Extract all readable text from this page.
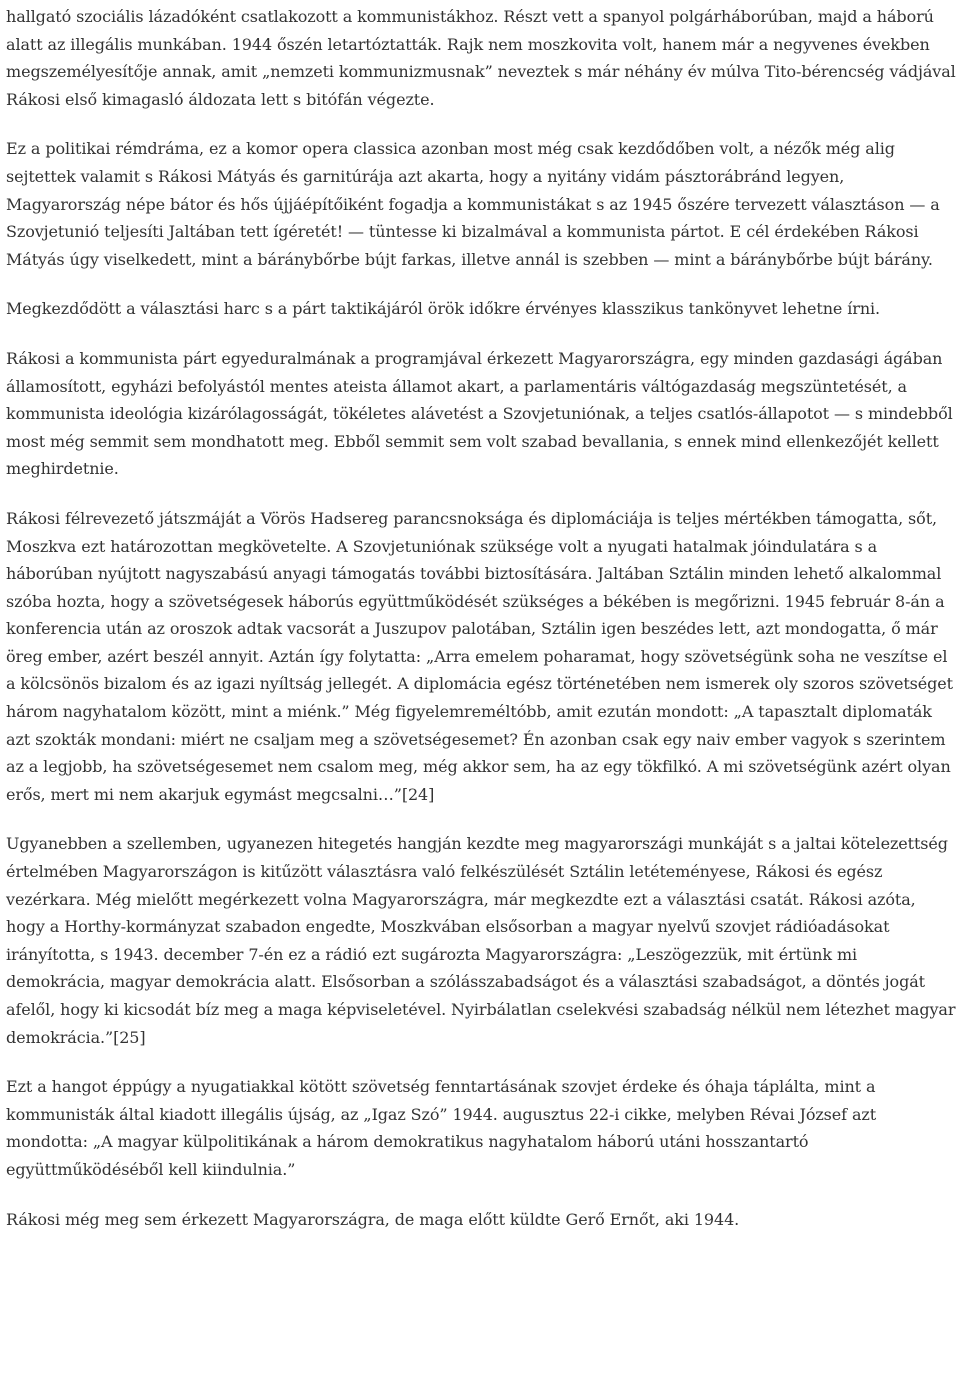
hallgató szociális lázadóként csatlakozott a kommunistákhoz. Részt vett a spanyol polgárháborúban, majd a háború alatt az illegális munkában. 1944 őszén letartóztatták. Rajk nem moszkovita volt, hanem már a negyvenes években megszemélyesítője annak, amit „nemzeti kommunizmusnak” neveztek s már néhány év múlva Tito-bérencség vádjával Rákosi első kimagasló áldozata lett s bitófán végezte.

Ez a politikai rémdráma, ez a komor opera classica azonban most még csak kezdődőben volt, a nézők még alig sejtettek valamit s Rákosi Mátyás és garnitúrája azt akarta, hogy a nyitány vidám pásztorábránd legyen, Magyarország népe bátor és hős újjáépítőiként fogadja a kommunistákat s az 1945 őszére tervezett választáson — a Szovjetunió teljesíti Jaltában tett ígéretét! — tüntesse ki bizalmával a kommunista pártot. E cél érdekében Rákosi Mátyás úgy viselkedett, mint a báránybőrbe bújt farkas, illetve annál is szebben — mint a báránybőrbe bújt bárány.

Megkezdődött a választási harc s a párt taktikájáról örök időkre érvényes klasszikus tankönyvet lehetne írni.

Rákosi a kommunista párt egyeduralmának a programjával érkezett Magyarországra, egy minden gazdasági ágában államosított, egyházi befolyástól mentes ateista államot akart, a parlamentáris váltógazdaság megszüntetését, a kommunista ideológia kizárólagosságát, tökéletes alávetést a Szovjetuniónak, a teljes csatlós-állapotot — s mindebből most még semmit sem mondhatott meg. Ebből semmit sem volt szabad bevallania, s ennek mind ellenkezőjét kellett meghirdetnie.

Rákosi félrevezető játszmáját a Vörös Hadsereg parancsnoksága és diplomáciája is teljes mértékben támogatta, sőt, Moszkva ezt határozottan megkövetelte. A Szovjetuniónak szüksége volt a nyugati hatalmak jóindulatára s a háborúban nyújtott nagyszabású anyagi támogatás további biztosítására. Jaltában Sztálin minden lehető alkalommal szóba hozta, hogy a szövetségesek háborús együttműködését szükséges a békében is megőrizni. 1945 február 8-án a konferencia után az oroszok adtak vacsorát a Juszupov palotában, Sztálin igen beszédes lett, azt mondogatta, ő már öreg ember, azért beszél annyit. Aztán így folytatta: „Arra emelem poharamat, hogy szövetségünk soha ne veszítse el a kölcsönös bizalom és az igazi nyíltság jellegét. A diplomácia egész történetében nem ismerek oly szoros szövetséget három nagyhatalom között, mint a miénk.” Még figyelemreméltóbb, amit ezután mondott: „A tapasztalt diplomaták azt szokták mondani: miért ne csaljam meg a szövetségesemet? Én azonban csak egy naiv ember vagyok s szerintem az a legjobb, ha szövetségesemet nem csalom meg, még akkor sem, ha az egy tökfilkó. A mi szövetségünk azért olyan erős, mert mi nem akarjuk egymást megcsalni…”[24]

Ugyanebben a szellemben, ugyanezen hitegetés hangján kezdte meg magyarországi munkáját s a jaltai kötelezettség értelmében Magyarországon is kitűzött választásra való felkészülését Sztálin letéteményese, Rákosi és egész vezérkara. Még mielőtt megérkezett volna Magyarországra, már megkezdte ezt a választási csatát. Rákosi azóta, hogy a Horthy-kormányzat szabadon engedte, Moszkvában elsősorban a magyar nyelvű szovjet rádióadásokat irányította, s 1943. december 7-én ez a rádió ezt sugározta Magyarországra: „Leszögezzük, mit értünk mi demokrácia, magyar demokrácia alatt. Elsősorban a szólásszabadságot és a választási szabadságot, a döntés jogát afelől, hogy ki kicsodát bíz meg a maga képviseletével. Nyirbálatlan cselekvési szabadság nélkül nem létezhet magyar demokrácia.”[25]

Ezt a hangot éppúgy a nyugatiakkal kötött szövetség fenntartásának szovjet érdeke és óhaja táplálta, mint a kommunisták által kiadott illegális újság, az „Igaz Szó” 1944. augusztus 22-i cikke, melyben Révai József azt mondotta: „A magyar külpolitikának a három demokratikus nagyhatalom háború utáni hosszantartó együttműködéséből kell kiindulnia.”

Rákosi még meg sem érkezett Magyarországra, de maga előtt küldte Gerő Ernőt, aki 1944.
